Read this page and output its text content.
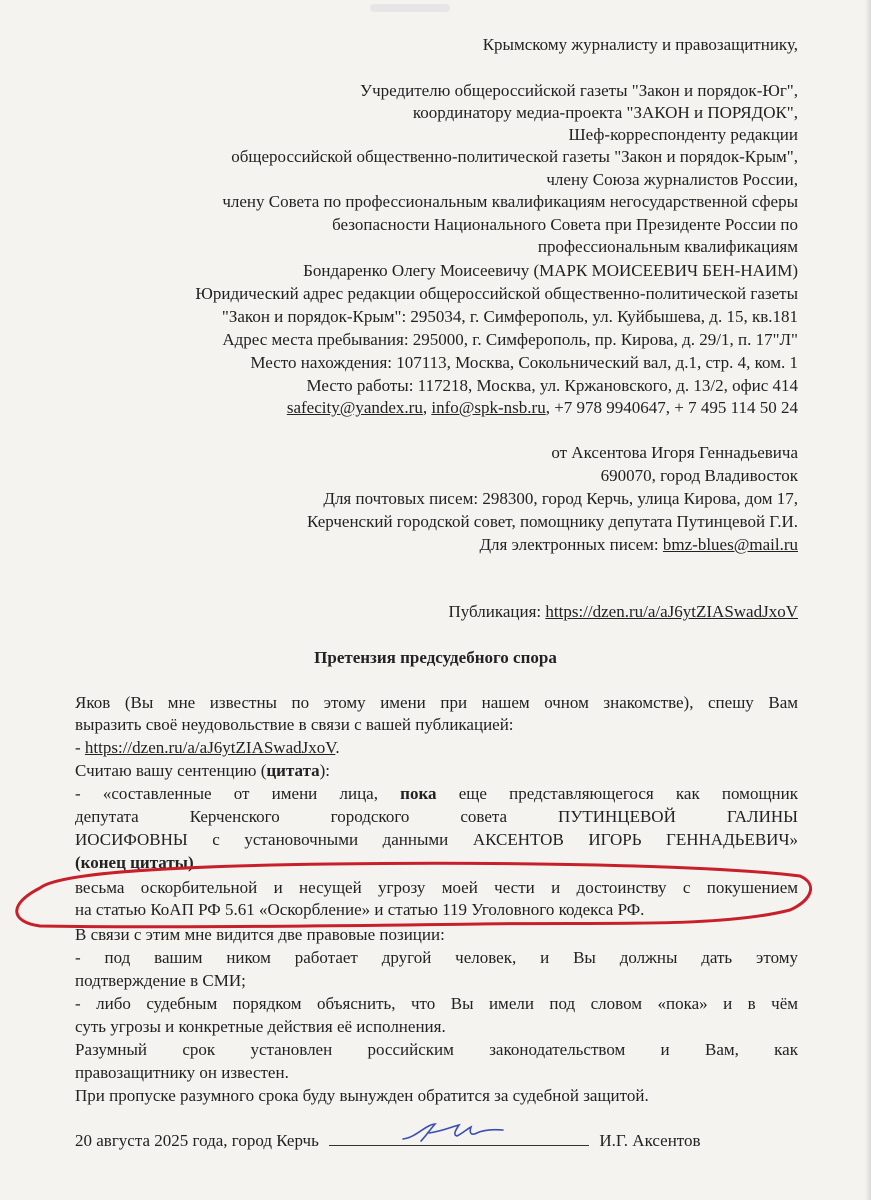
Крымскому журналисту и правозащитнику,
Учредителю общероссийской газеты "Закон и порядок-Юг",
координатору медиа-проекта "ЗАКОН и ПОРЯДОК",
Шеф-корреспонденту редакции
общероссийской общественно-политической газеты "Закон и порядок-Крым",
члену Союза журналистов России,
члену Совета по профессиональным квалификациям негосударственной сферы
безопасности Национального Совета при Президенте России по
профессиональным квалификациям
Бондаренко Олегу Моисеевичу (МАРК МОИСЕЕВИЧ БЕН-НАИМ)
Юридический адрес редакции общероссийской общественно-политической газеты
"Закон и порядок-Крым": 295034, г. Симферополь, ул. Куйбышева, д. 15, кв.181
Адрес места пребывания: 295000, г. Симферополь, пр. Кирова, д. 29/1, п. 17"Л"
Место нахождения: 107113, Москва, Сокольнический вал, д.1, стр. 4, ком. 1
Место работы: 117218, Москва, ул. Кржановского, д. 13/2, офис 414
safecity@yandex.ru, info@spk-nsb.ru, +7 978 9940647, + 7 495 114 50 24
от Аксентова Игоря Геннадьевича
690070, город Владивосток
Для почтовых писем: 298300, город Керчь, улица Кирова, дом 17,
Керченский городской совет, помощнику депутата Путинцевой Г.И.
Для электронных писем: bmz-blues@mail.ru
Публикация: https://dzen.ru/a/aJ6ytZIASwadJxoV
Претензия предсудебного спора
Яков (Вы мне известны по этому имени при нашем очном знакомстве), спешу Вам
выразить своё неудовольствие в связи с вашей публикацией:
- https://dzen.ru/a/aJ6ytZIASwadJxoV.
Считаю вашу сентенцию (цитата):
- «составленные от имени лица, пока еще представляющегося как помощник
депутата Керченского городского совета ПУТИНЦЕВОЙ ГАЛИНЫ
ИОСИФОВНЫ с установочными данными АКСЕНТОВ ИГОРЬ ГЕННАДЬЕВИЧ»
(конец цитаты)
весьма оскорбительной и несущей угрозу моей чести и достоинству с покушением
на статью КоАП РФ 5.61 «Оскорбление» и статью 119 Уголовного кодекса РФ.
В связи с этим мне видится две правовые позиции:
- под вашим ником работает другой человек, и Вы должны дать этому
подтверждение в СМИ;
- либо судебным порядком объяснить, что Вы имели под словом «пока» и в чём
суть угрозы и конкретные действия её исполнения.
Разумный срок установлен российским законодательством и Вам, как
правозащитнику он известен.
При пропуске разумного срока буду вынужден обратится за судебной защитой.
20 августа 2025 года, город Керчь	И.Г. Аксентов
